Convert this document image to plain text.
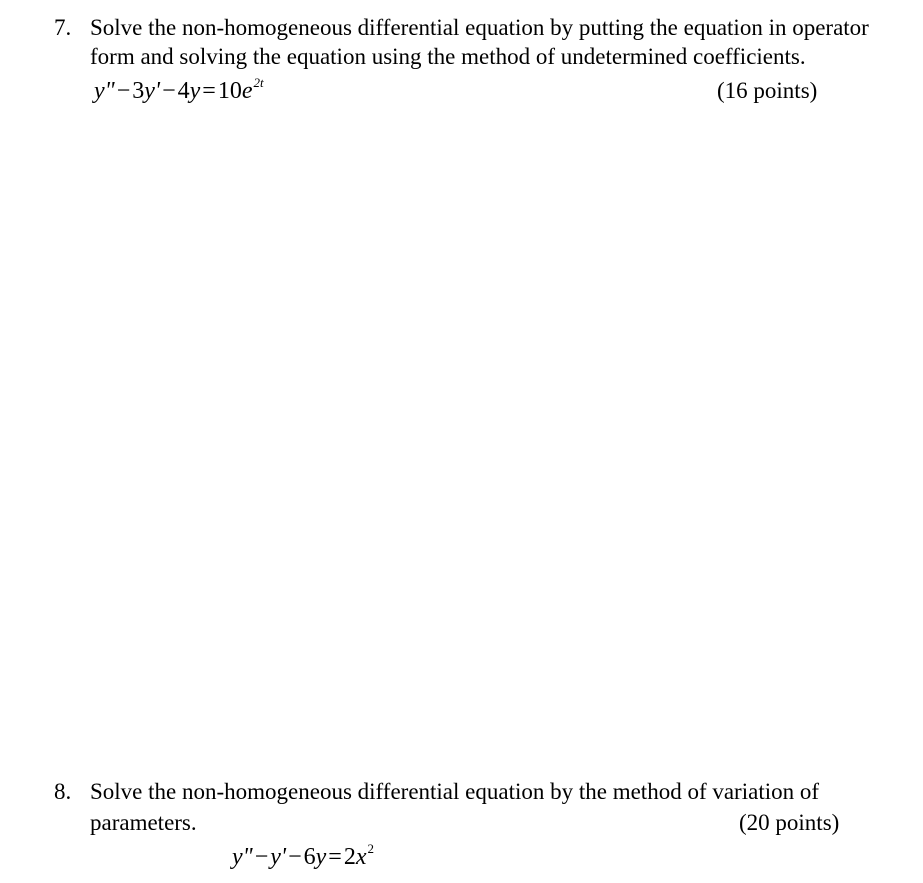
7. Solve the non-homogeneous differential equation by putting the equation in operator
form and solving the equation using the method of undetermined coefficients.
$y"-3y'-4y=10e^{2t}$	(16 points)
8. Solve the non-homogeneous differential equation by the method of variation of
parameters.	(20 points)
$y"-y'-6y=2x^2$
